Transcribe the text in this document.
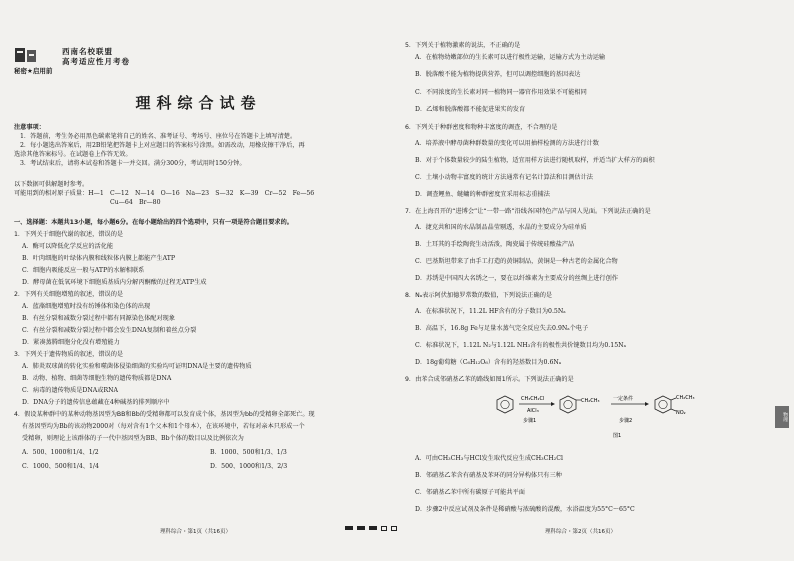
西南名校联盟
高考适应性月考卷
秘密★启用前
理科综合试卷
注意事项：
1．答题前，考生务必用黑色碳素笔将自己的姓名、准考证号、考场号、座位号在答题卡上填写清楚。
2．每小题选出答案后，用2B铅笔把答题卡上对应题目的答案标号涂黑。如需改动，用橡皮擦干净后，再
选涂其他答案标号。在试题卷上作答无效。
3．考试结束后，请将本试卷和答题卡一并交回。满分300分，考试用时150分钟。
以下数据可供解题时参考。
可能用到的相对原子质量：H—1　C—12　N—14　O—16　Na—23　S—32　K—39　Cr—52　Fe—56
Cu—64　Br—80
一、选择题：本题共13小题，每小题6分。在每小题给出的四个选项中，只有一项是符合题目要求的。
1．下列关于细胞代谢的叙述，错误的是
A．酶可以降低化学反应的活化能
B．叶肉细胞的叶绿体内膜和线粒体内膜上都能产生ATP
C．细胞内吸能反应一般与ATP的水解相联系
D．酵母菌在低氧环境下细胞质基质内分解丙酮酸的过程无ATP生成
2．下列有关细胞增殖的叙述，错误的是
A．蓝藻细胞增殖时没有纺锤体和染色体的出现
B．有丝分裂和减数分裂过程中都有同源染色体配对现象
C．有丝分裂和减数分裂过程中都会发生DNA复制和着丝点分裂
D．紧凑蒸腾细胞分化没有增殖能力
3．下列关于遗传物质的叙述，错误的是
A．肺炎双球菌的转化实验和噬菌体侵染细菌的实验均可证明DNA是主要的遗传物质
B．动物、植物、细菌等细胞生物的遗传物质都是DNA
C．病毒的遗传物质是DNA或RNA
D．DNA分子的遗传信息蕴藏在4种碱基的排列顺序中
4．假设某种群中的某种动物基因型为BB和Bb的受精卵都可以发育成个体，基因型为bb的受精卵全部死亡。现
有基因型均为Bb的该动物2000对（每对含有1个父本和1个母本），在该环境中，若每对亲本只形成一个
受精卵，则理论上该群体的子一代中基因型为BB、Bb个体的数目以及比例依次为
A．500、1000和1/4、1/2	B．1000、500和1/3、1/3
C．1000、500和1/4、1/4	D．500、1000和1/3、2/3
理科综合・第1页（共16页）
5．下列关于植物激素的说法，不正确的是
A．在植物幼嫩部位的生长素可以进行极性运输，运输方式为主动运输
B．脱落酸不能为植物提供营养，但可以调控细胞的基因表达
C．不同浓度的生长素对同一植物同一器官作用效果不可能相同
D．乙烯和脱落酸都不能促进果实的发育
6．下列关于种群密度和物种丰富度的调查，不合理的是
A．培养液中酵母菌种群数量的变化可以用抽样检测的方法进行计数
B．对于个体数量较少的陆生植物，适宜用样方法进行随机取样，并适当扩大样方的面积
C．土壤小动物丰富度的统计方法通常有记名计算法和目测估计法
D．调查鲤鱼、鲢鳙的种群密度宜采用标志重捕法
7．在上海召开的“进博会”让“一带一路”沿线各国特色产品与国人见面。下列说法正确的是
A．捷克共和国的水晶制品晶莹剔透，水晶的主要成分为硅单质
B．土耳其的手绘陶瓷生动活泼，陶瓷属于传统硅酸盐产品
C．巴基斯坦带来了由手工打造的黄铜制品，黄铜是一种古老的金属化合物
D．苏绣是中国四大名绣之一，要在以纤维素为主要成分的丝绸上进行创作
8．Nₐ表示阿伏加德罗常数的数值，下列说法正确的是
A．在标准状况下，11.2L HF含有的分子数目为0.5Nₐ
B．高温下，16.8g Fe与足量水蒸气完全反应失去0.9Nₐ个电子
C．标准状况下，1.12L N₂与1.12L NH₃含有的极性共价键数目均为0.15Nₐ
D．18g葡萄糖（C₆H₁₂O₆）含有的羟基数目为0.6Nₐ
9．由苯合成邻硝基乙苯的路线如图1所示。下列说法正确的是
CH₃CH₂Cl
AlCl₃
步骤1
CH₂CH₃	一定条件
步骤2
CH₂CH₃
NO₂
图1
A．可由CH₃CH₃与HCl发生取代反应生成CH₃CH₂Cl
B．邻硝基乙苯含有硝基及苯环的同分异构体只有三种
C．邻硝基乙苯中所有碳原子可能共平面
D．步骤2中反应试剂及条件是稀硝酸与浓硫酸的混酸，水浴温度为55°C～65°C
理科综合・第2页（共16页）
物理
